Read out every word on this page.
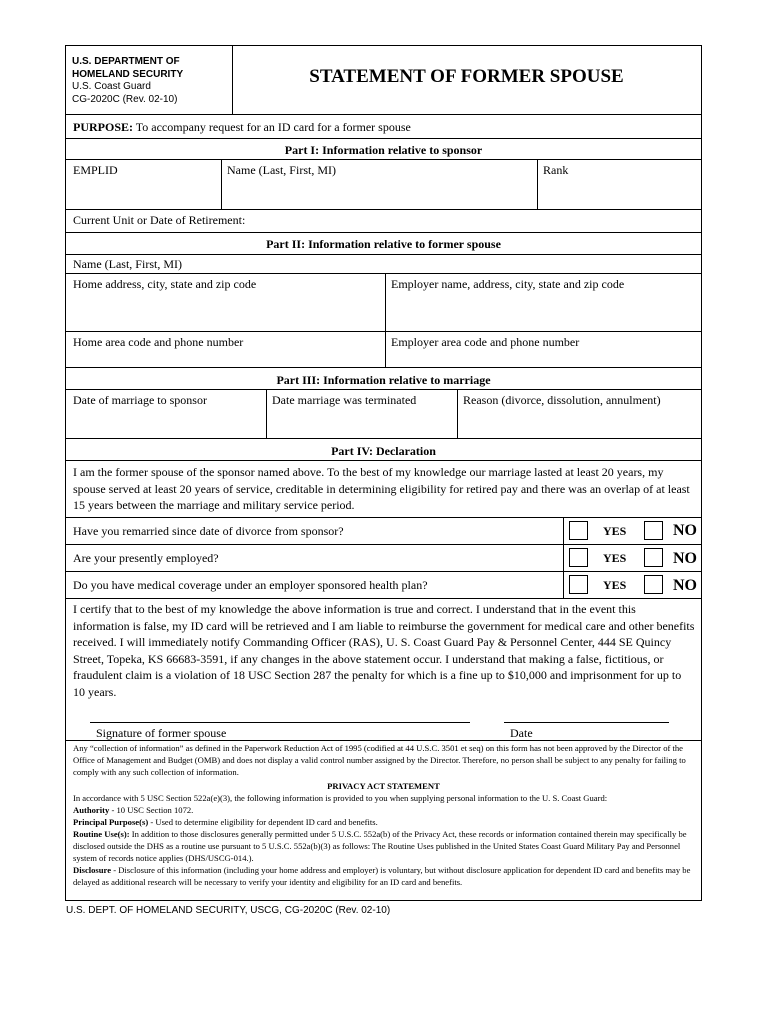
U.S. DEPARTMENT OF
HOMELAND SECURITY
U.S. Coast Guard
CG-2020C (Rev. 02-10)
STATEMENT OF FORMER SPOUSE
PURPOSE: To accompany request for an ID card for a former spouse
Part I: Information relative to sponsor
EMPLID	Name (Last, First, MI)	Rank
Current Unit or Date of Retirement:
Part II: Information relative to former spouse
Name (Last, First, MI)
Home address, city, state and zip code	Employer name, address, city, state and zip code
Home area code and phone number	Employer area code and phone number
Part III: Information relative to marriage
Date of marriage to sponsor	Date marriage was terminated	Reason (divorce, dissolution, annulment)
Part IV: Declaration
I am the former spouse of the sponsor named above. To the best of my knowledge our marriage lasted at least 20 years, my spouse served at least 20 years of service, creditable in determining eligibility for retired pay and there was an overlap of at least 15 years between the marriage and military service period.
Have you remarried since date of divorce from sponsor?	YES	NO
Are your presently employed?	YES	NO
Do you have medical coverage under an employer sponsored health plan?	YES	NO
I certify that to the best of my knowledge the above information is true and correct. I understand that in the event this information is false, my ID card will be retrieved and I am liable to reimburse the government for medical care and other benefits received. I will immediately notify Commanding Officer (RAS), U. S. Coast Guard Pay & Personnel Center, 444 SE Quincy Street, Topeka, KS 66683-3591, if any changes in the above statement occur. I understand that making a false, fictitious, or fraudulent claim is a violation of 18 USC Section 287 the penalty for which is a fine up to $10,000 and imprisonment for up to 10 years.
Signature of former spouse	Date
Any “collection of information” as defined in the Paperwork Reduction Act of 1995 (codified at 44 U.S.C. 3501 et seq) on this form has not been approved by the Director of the Office of Management and Budget (OMB) and does not display a valid control number assigned by the Director. Therefore, no person shall be subject to any penalty for failing to comply with any such collection of information.
PRIVACY ACT STATEMENT
In accordance with 5 USC Section 522a(e)(3), the following information is provided to you when supplying personal information to the U. S. Coast Guard:
Authority - 10 USC Section 1072.
Principal Purpose(s) - Used to determine eligibility for dependent ID card and benefits.
Routine Use(s): In addition to those disclosures generally permitted under 5 U.S.C. 552a(b) of the Privacy Act, these records or information contained therein may specifically be disclosed outside the DHS as a routine use pursuant to 5 U.S.C. 552a(b)(3) as follows: The Routine Uses published in the United States Coast Guard Military Pay and Personnel system of records notice applies (DHS/USCG-014.).
Disclosure - Disclosure of this information (including your home address and employer) is voluntary, but without disclosure application for dependent ID card and benefits may be delayed as additional research will be necessary to verify your identity and eligibility for an ID card and benefits.
U.S. DEPT. OF HOMELAND SECURITY, USCG, CG-2020C (Rev. 02-10)
